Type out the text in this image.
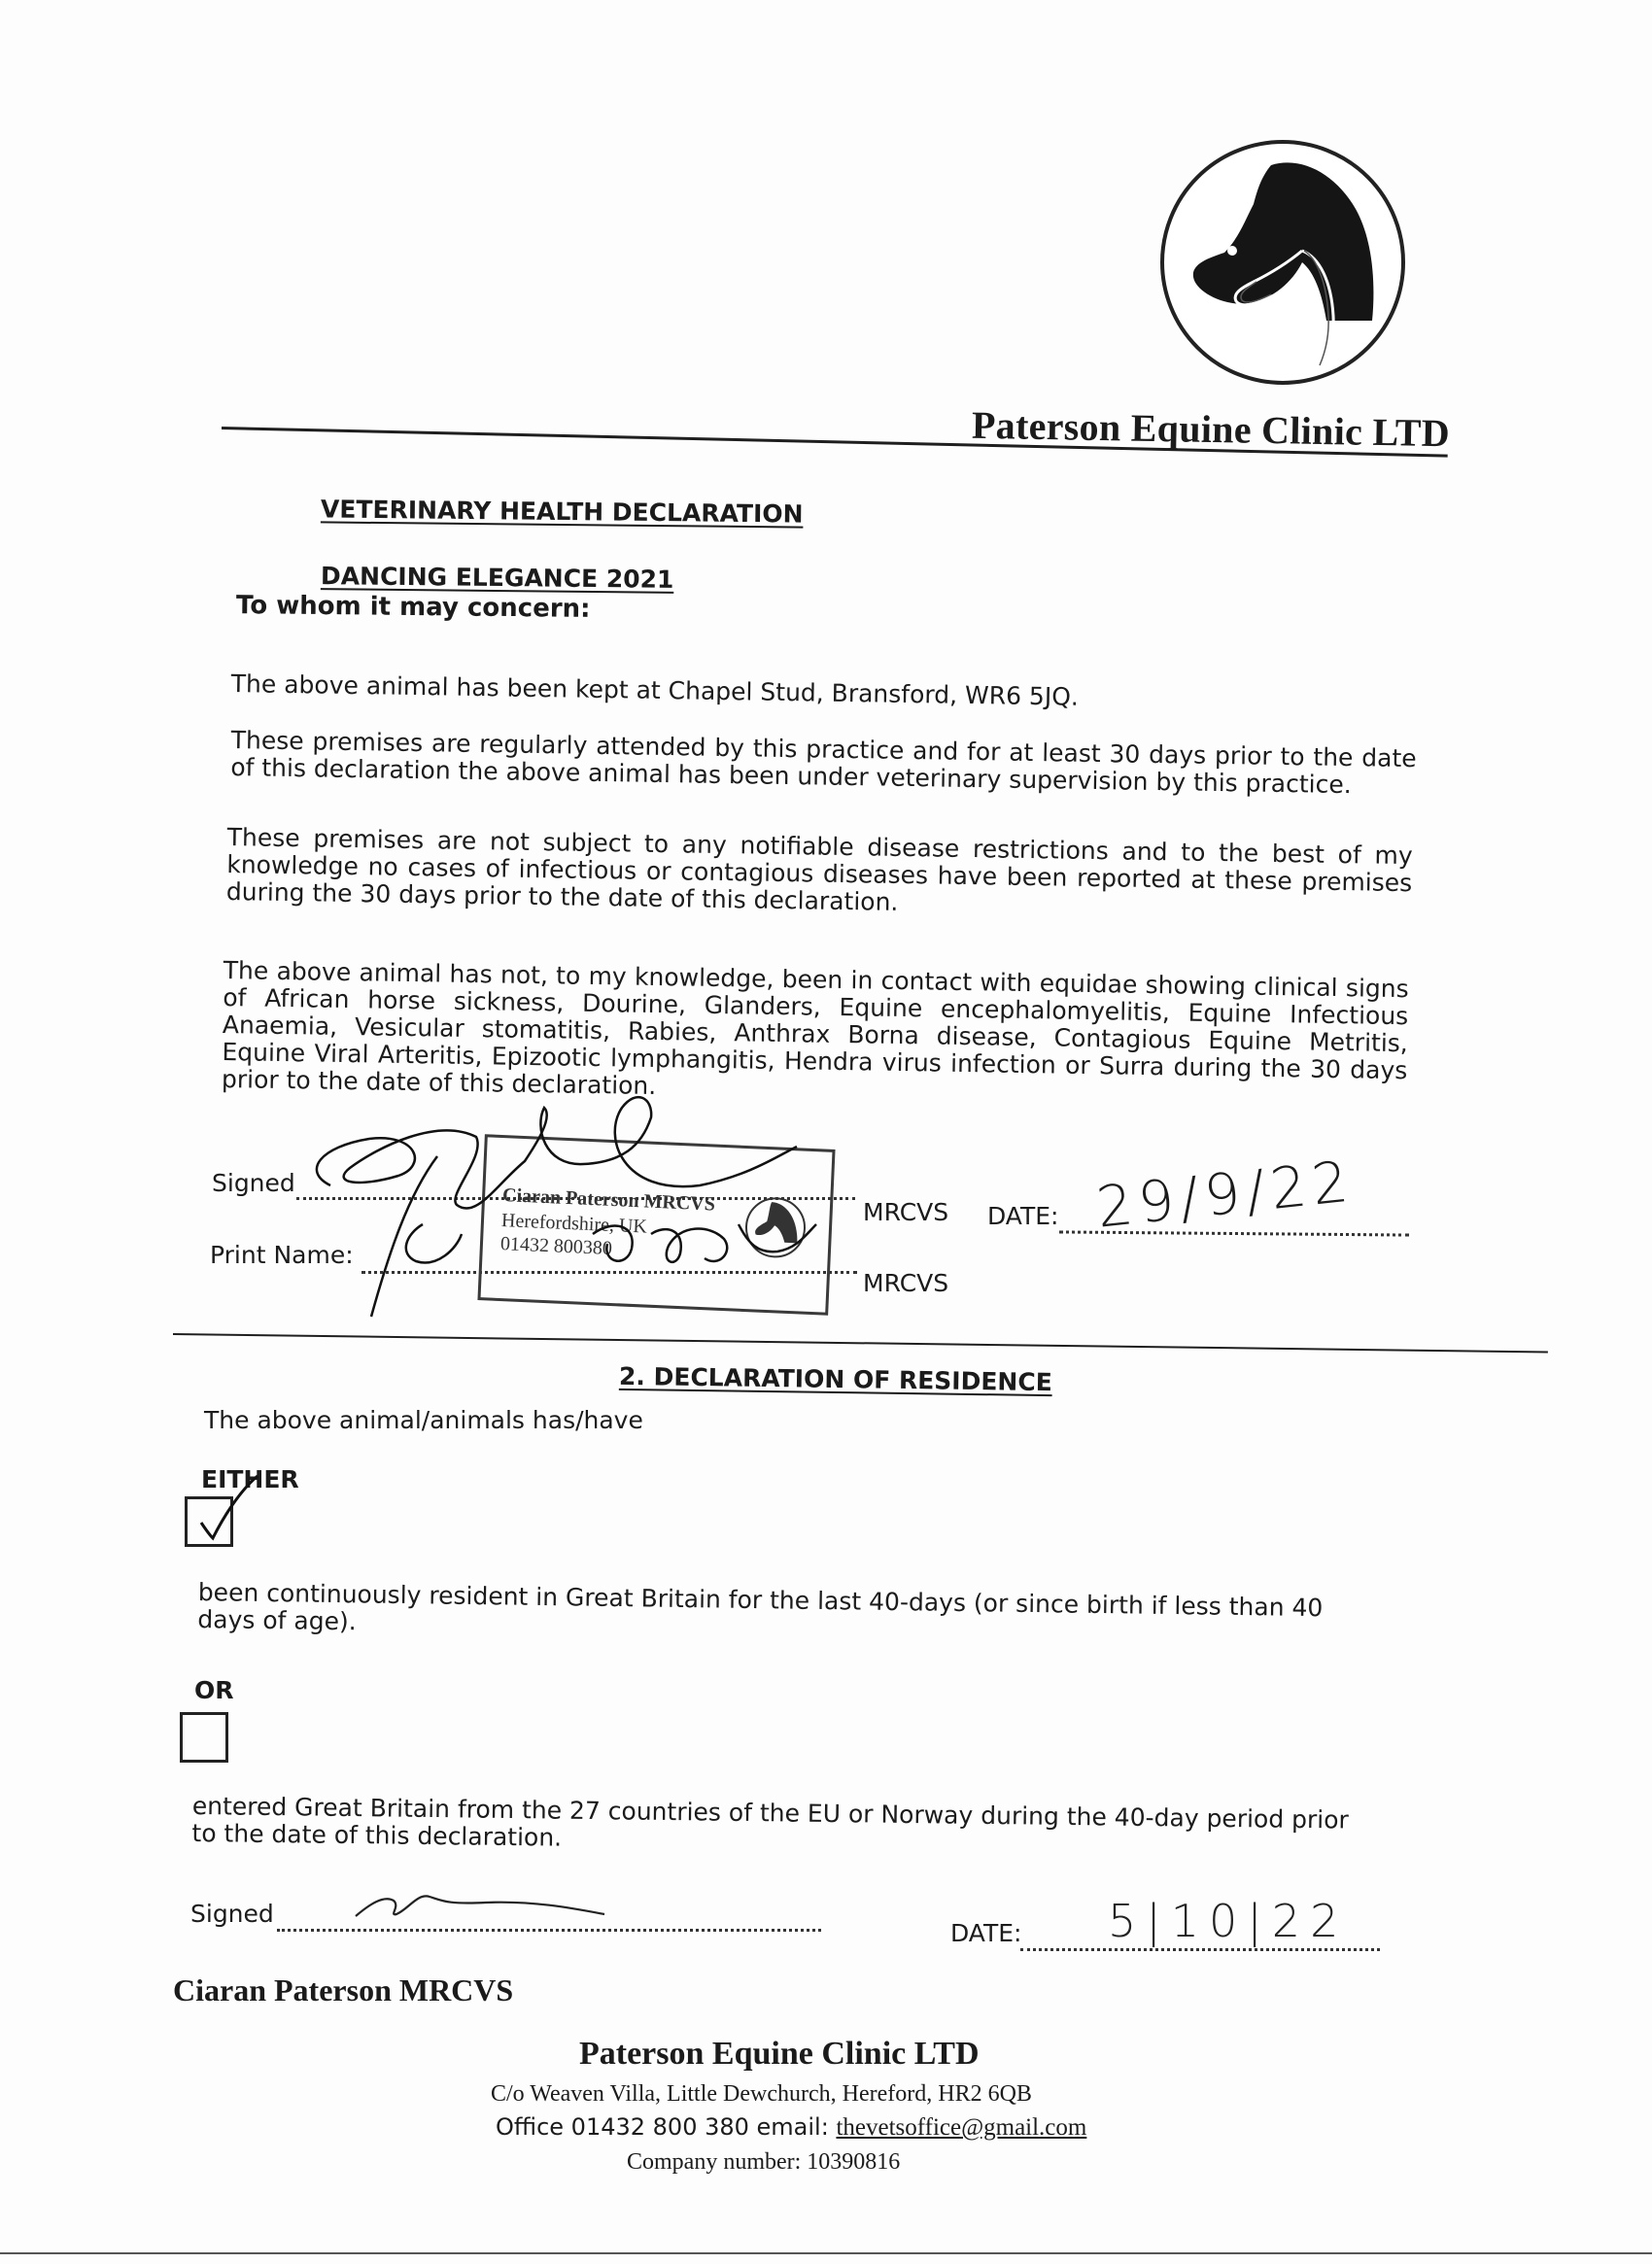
Paterson Equine Clinic LTD
VETERINARY HEALTH DECLARATION
DANCING ELEGANCE 2021
To whom it may concern:
The above animal has been kept at Chapel Stud, Bransford, WR6 5JQ.
These premises are regularly attended by this practice and for at least 30 days prior to the date of this declaration the above animal has been under veterinary supervision by this practice.
These premises are not subject to any notifiable disease restrictions and to the best of my knowledge no cases of infectious or contagious diseases have been reported at these premises during the 30 days prior to the date of this declaration.
The above animal has not, to my knowledge, been in contact with equidae showing clinical signs of African horse sickness, Dourine, Glanders, Equine encephalomyelitis, Equine Infectious Anaemia, Vesicular stomatitis, Rabies, Anthrax Borna disease, Contagious Equine Metritis, Equine Viral Arteritis, Epizootic lymphangitis, Hendra virus infection or Surra during the 30 days prior to the date of this declaration.
Signed
MRCVS DATE: 29/9/22
Print Name:
MRCVS
Ciaran Paterson MRCVS
Herefordshire, UK
01432 800380
2. DECLARATION OF RESIDENCE
The above animal/animals has/have
EITHER
been continuously resident in Great Britain for the last 40-days (or since birth if less than 40 days of age).
OR
entered Great Britain from the 27 countries of the EU or Norway during the 40-day period prior to the date of this declaration.
Signed
DATE: 5|10|22
Ciaran Paterson MRCVS
Paterson Equine Clinic LTD
C/o Weaven Villa, Little Dewchurch, Hereford, HR2 6QB
Office 01432 800 380 email: thevetsoffice@gmail.com
Company number: 10390816
